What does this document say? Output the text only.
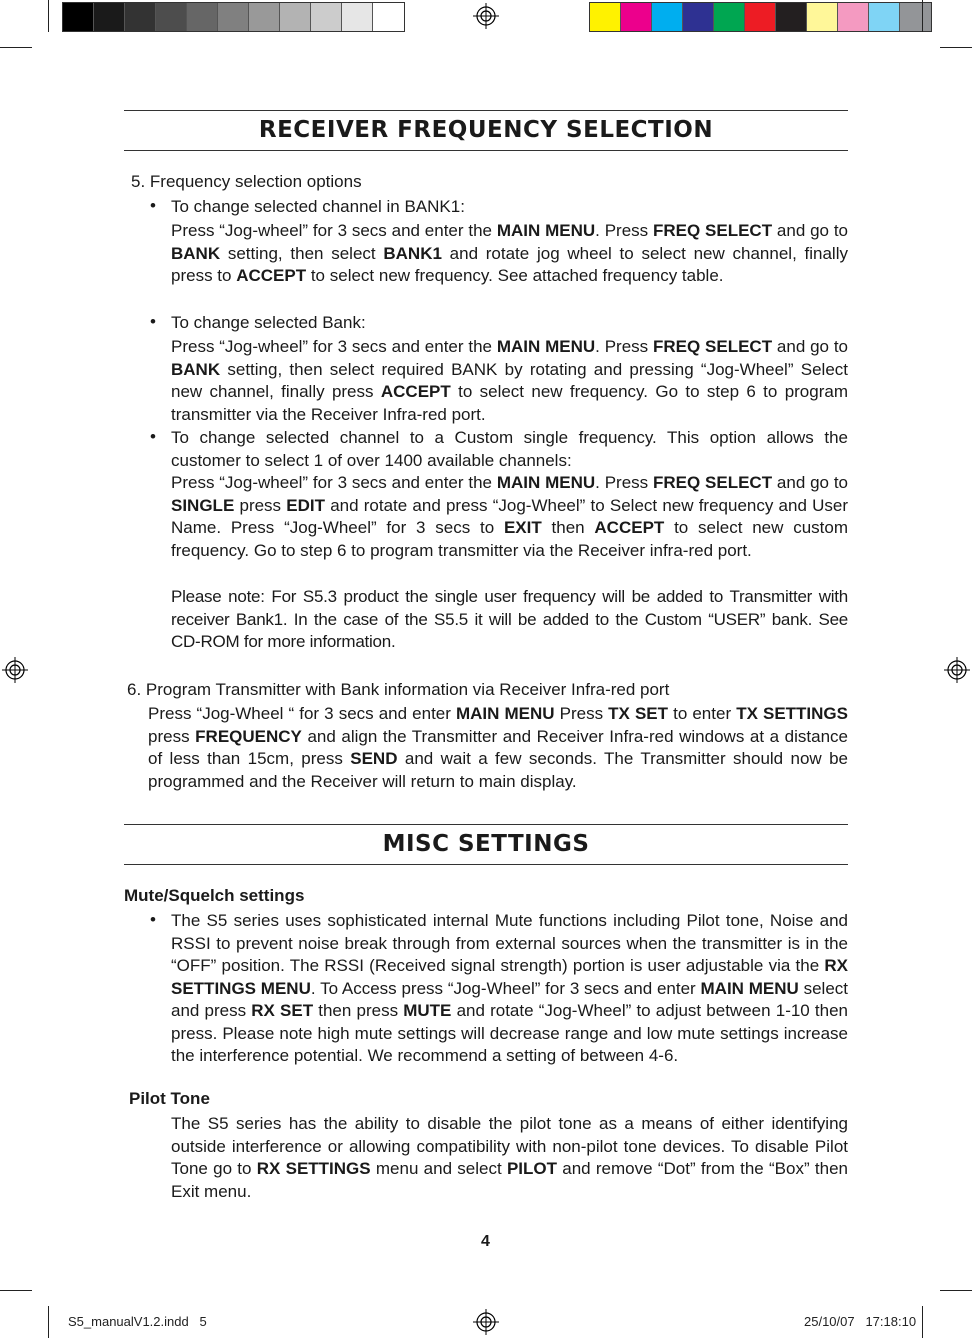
RECEIVER FREQUENCY SELECTION
5. Frequency selection options
• To change selected channel in BANK1:
Press “Jog-wheel” for 3 secs and enter the MAIN MENU. Press FREQ SELECT and go to BANK setting, then select BANK1 and rotate jog wheel to select new channel, finally press to ACCEPT to select new frequency. See attached frequency table.
• To change selected Bank:
Press “Jog-wheel” for 3 secs and enter the MAIN MENU. Press FREQ SELECT and go to BANK setting, then select required BANK by rotating and pressing “Jog-Wheel” Select new channel, finally press ACCEPT to select new frequency. Go to step 6 to program transmitter via the Receiver Infra-red port.
• To change selected channel to a Custom single frequency. This option allows the customer to select 1 of over 1400 available channels:
Press “Jog-wheel” for 3 secs and enter the MAIN MENU. Press FREQ SELECT and go to SINGLE press EDIT and rotate and press “Jog-Wheel” to Select new frequency and User Name. Press “Jog-Wheel” for 3 secs to EXIT then ACCEPT to select new custom frequency. Go to step 6 to program transmitter via the Receiver infra-red port.
Please note: For S5.3 product the single user frequency will be added to Transmitter with receiver Bank1. In the case of the S5.5 it will be added to the Custom “USER” bank. See CD-ROM for more information.
6. Program Transmitter with Bank information via Receiver Infra-red port
Press “Jog-Wheel “ for 3 secs and enter MAIN MENU Press TX SET to enter TX SETTINGS press FREQUENCY and align the Transmitter and Receiver Infra-red windows at a distance of less than 15cm, press SEND and wait a few seconds. The Transmitter should now be programmed and the Receiver will return to main display.
MISC SETTINGS
Mute/Squelch settings
• The S5 series uses sophisticated internal Mute functions including Pilot tone, Noise and RSSI to prevent noise break through from external sources when the transmitter is in the “OFF” position. The RSSI (Received signal strength) portion is user adjustable via the RX SETTINGS MENU. To Access press “Jog-Wheel” for 3 secs and enter MAIN MENU select and press RX SET then press MUTE and rotate “Jog-Wheel” to adjust between 1-10 then press. Please note high mute settings will decrease range and low mute settings increase the interference potential. We recommend a setting of between 4-6.
Pilot Tone
The S5 series has the ability to disable the pilot tone as a means of either identifying outside interference or allowing compatibility with non-pilot tone devices. To disable Pilot Tone go to RX SETTINGS menu and select PILOT and remove “Dot” from the “Box” then Exit menu.
4
S5_manualV1.2.indd   5	25/10/07   17:18:10
